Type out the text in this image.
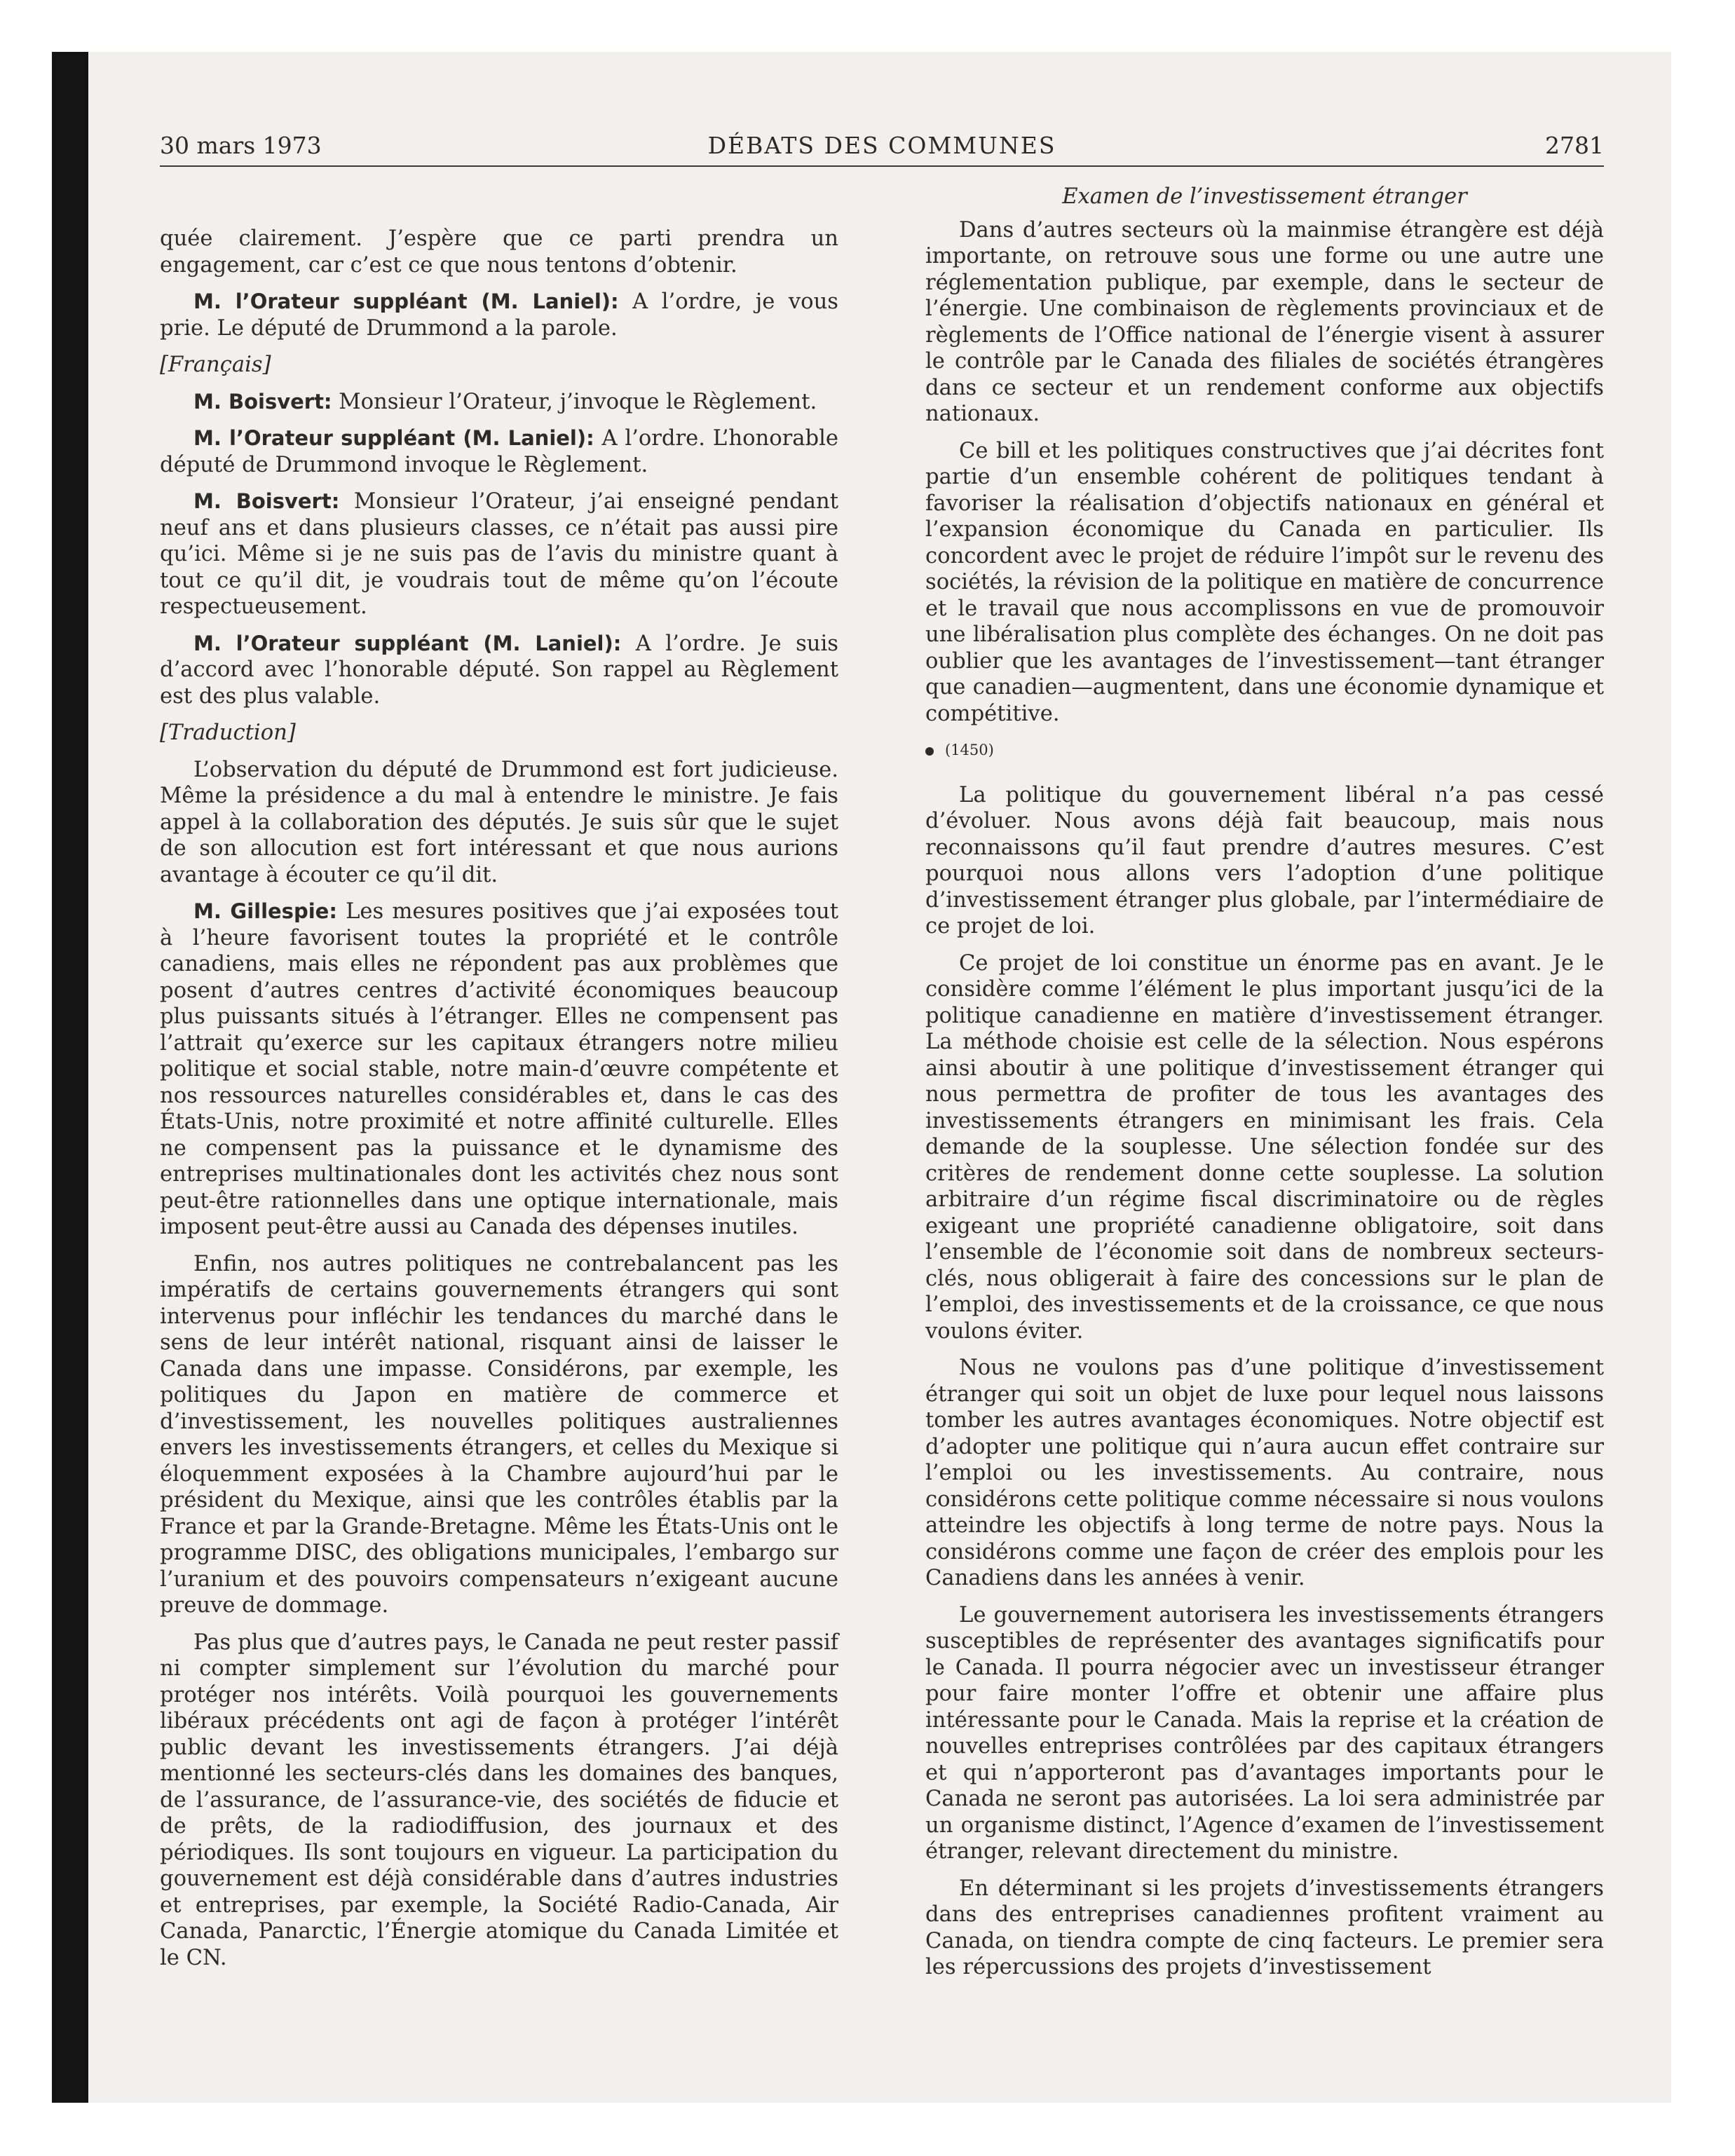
DÉBATS DES COMMUNES
30 mars 1973	2781

quée clairement. J’espère que ce parti prendra un engagement, car c’est ce que nous tentons d’obtenir.

M. l’Orateur suppléant (M. Laniel): A l’ordre, je vous prie. Le député de Drummond a la parole.

[Français]

M. Boisvert: Monsieur l’Orateur, j’invoque le Règlement.

M. l’Orateur suppléant (M. Laniel): A l’ordre. L’honorable député de Drummond invoque le Règlement.

M. Boisvert: Monsieur l’Orateur, j’ai enseigné pendant neuf ans et dans plusieurs classes, ce n’était pas aussi pire qu’ici. Même si je ne suis pas de l’avis du ministre quant à tout ce qu’il dit, je voudrais tout de même qu’on l’écoute respectueusement.

M. l’Orateur suppléant (M. Laniel): A l’ordre. Je suis d’accord avec l’honorable député. Son rappel au Règlement est des plus valable.

[Traduction]

L’observation du député de Drummond est fort judicieuse. Même la présidence a du mal à entendre le ministre. Je fais appel à la collaboration des députés. Je suis sûr que le sujet de son allocution est fort intéressant et que nous aurions avantage à écouter ce qu’il dit.

M. Gillespie: Les mesures positives que j’ai exposées tout à l’heure favorisent toutes la propriété et le contrôle canadiens, mais elles ne répondent pas aux problèmes que posent d’autres centres d’activité économiques beaucoup plus puissants situés à l’étranger. Elles ne compensent pas l’attrait qu’exerce sur les capitaux étrangers notre milieu politique et social stable, notre main-d’œuvre compétente et nos ressources naturelles considérables et, dans le cas des États-Unis, notre proximité et notre affinité culturelle. Elles ne compensent pas la puissance et le dynamisme des entreprises multinationales dont les activités chez nous sont peut-être rationnelles dans une optique internationale, mais imposent peut-être aussi au Canada des dépenses inutiles.

Enfin, nos autres politiques ne contrebalancent pas les impératifs de certains gouvernements étrangers qui sont intervenus pour infléchir les tendances du marché dans le sens de leur intérêt national, risquant ainsi de laisser le Canada dans une impasse. Considérons, par exemple, les politiques du Japon en matière de commerce et d’investissement, les nouvelles politiques australiennes envers les investissements étrangers, et celles du Mexique si éloquemment exposées à la Chambre aujourd’hui par le président du Mexique, ainsi que les contrôles établis par la France et par la Grande-Bretagne. Même les États-Unis ont le programme DISC, des obligations municipales, l’embargo sur l’uranium et des pouvoirs compensateurs n’exigeant aucune preuve de dommage.

Pas plus que d’autres pays, le Canada ne peut rester passif ni compter simplement sur l’évolution du marché pour protéger nos intérêts. Voilà pourquoi les gouvernements libéraux précédents ont agi de façon à protéger l’intérêt public devant les investissements étrangers. J’ai déjà mentionné les secteurs-clés dans les domaines des banques, de l’assurance, de l’assurance-vie, des sociétés de fiducie et de prêts, de la radiodiffusion, des journaux et des périodiques. Ils sont toujours en vigueur. La participation du gouvernement est déjà considérable dans d’autres industries et entreprises, par exemple, la Société Radio-Canada, Air Canada, Panarctic, l’Énergie atomique du Canada Limitée et le CN.

Examen de l’investissement étranger

Dans d’autres secteurs où la mainmise étrangère est déjà importante, on retrouve sous une forme ou une autre une réglementation publique, par exemple, dans le secteur de l’énergie. Une combinaison de règlements provinciaux et de règlements de l’Office national de l’énergie visent à assurer le contrôle par le Canada des filiales de sociétés étrangères dans ce secteur et un rendement conforme aux objectifs nationaux.

Ce bill et les politiques constructives que j’ai décrites font partie d’un ensemble cohérent de politiques tendant à favoriser la réalisation d’objectifs nationaux en général et l’expansion économique du Canada en particulier. Ils concordent avec le projet de réduire l’impôt sur le revenu des sociétés, la révision de la politique en matière de concurrence et le travail que nous accomplissons en vue de promouvoir une libéralisation plus complète des échanges. On ne doit pas oublier que les avantages de l’investissement—tant étranger que canadien—augmentent, dans une économie dynamique et compétitive.

(1450)

La politique du gouvernement libéral n’a pas cessé d’évoluer. Nous avons déjà fait beaucoup, mais nous reconnaissons qu’il faut prendre d’autres mesures. C’est pourquoi nous allons vers l’adoption d’une politique d’investissement étranger plus globale, par l’intermédiaire de ce projet de loi.

Ce projet de loi constitue un énorme pas en avant. Je le considère comme l’élément le plus important jusqu’ici de la politique canadienne en matière d’investissement étranger. La méthode choisie est celle de la sélection. Nous espérons ainsi aboutir à une politique d’investissement étranger qui nous permettra de profiter de tous les avantages des investissements étrangers en minimisant les frais. Cela demande de la souplesse. Une sélection fondée sur des critères de rendement donne cette souplesse. La solution arbitraire d’un régime fiscal discriminatoire ou de règles exigeant une propriété canadienne obligatoire, soit dans l’ensemble de l’économie soit dans de nombreux secteurs-clés, nous obligerait à faire des concessions sur le plan de l’emploi, des investissements et de la croissance, ce que nous voulons éviter.

Nous ne voulons pas d’une politique d’investissement étranger qui soit un objet de luxe pour lequel nous laissons tomber les autres avantages économiques. Notre objectif est d’adopter une politique qui n’aura aucun effet contraire sur l’emploi ou les investissements. Au contraire, nous considérons cette politique comme nécessaire si nous voulons atteindre les objectifs à long terme de notre pays. Nous la considérons comme une façon de créer des emplois pour les Canadiens dans les années à venir.

Le gouvernement autorisera les investissements étrangers susceptibles de représenter des avantages significatifs pour le Canada. Il pourra négocier avec un investisseur étranger pour faire monter l’offre et obtenir une affaire plus intéressante pour le Canada. Mais la reprise et la création de nouvelles entreprises contrôlées par des capitaux étrangers et qui n’apporteront pas d’avantages importants pour le Canada ne seront pas autorisées. La loi sera administrée par un organisme distinct, l’Agence d’examen de l’investissement étranger, relevant directement du ministre.

En déterminant si les projets d’investissements étrangers dans des entreprises canadiennes profitent vraiment au Canada, on tiendra compte de cinq facteurs. Le premier sera les répercussions des projets d’investissement
